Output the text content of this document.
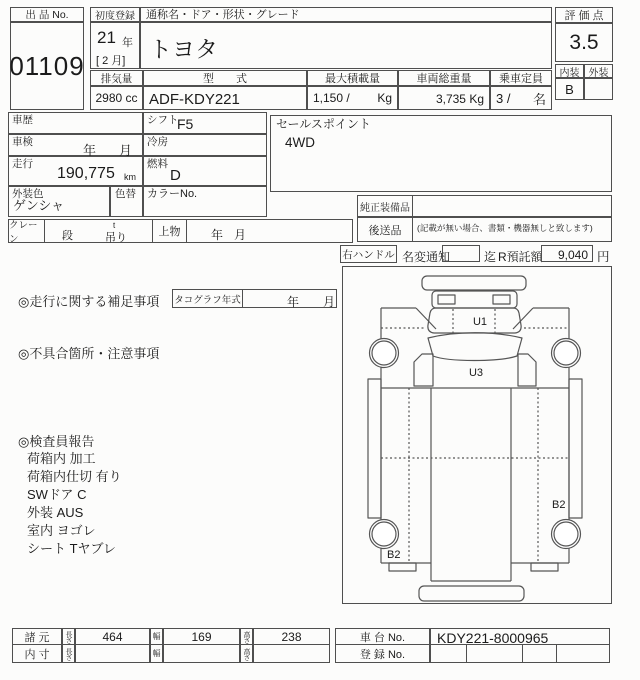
出 品 No.
01109
初度登録
21 年
[ 2 月]
通称名・ドア・形状・グレード
トヨタ
評 価 点
3.5
内装 外装
B
排気量
2980 cc
型　　式
ADF-KDY221
最大積載量
1,150 / Kg
車両総重量
3,735 Kg
乗車定員
3 / 名
車歴	シフト
F5
車検
年 月
冷房
走行
190,775 km
燃料
D
外装色
ゲンシャ
色替 カラーNo.
セールスポイント
4WD
純正装備品
後送品	(記載が無い場合、書類・機器無しと致します)
クレーン	段
t
吊り	上物	年 月
右ハンドル 名変通知	迄 R預託額 9,040 円
◎走行に関する補足事項 タコグラフ年式	年 月
◎不具合箇所・注意事項
◎検査員報告
荷箱内 加工
荷箱内仕切 有り
SWドア C
外装 AUS
室内 ヨゴレ
シート Tヤブレ
U1
U3
B2
B2
諸 元	長さ	464	幅	169	高さ	238
内 寸	長さ	幅	高さ
車 台 No.	KDY221-8000965
登 録 No.
